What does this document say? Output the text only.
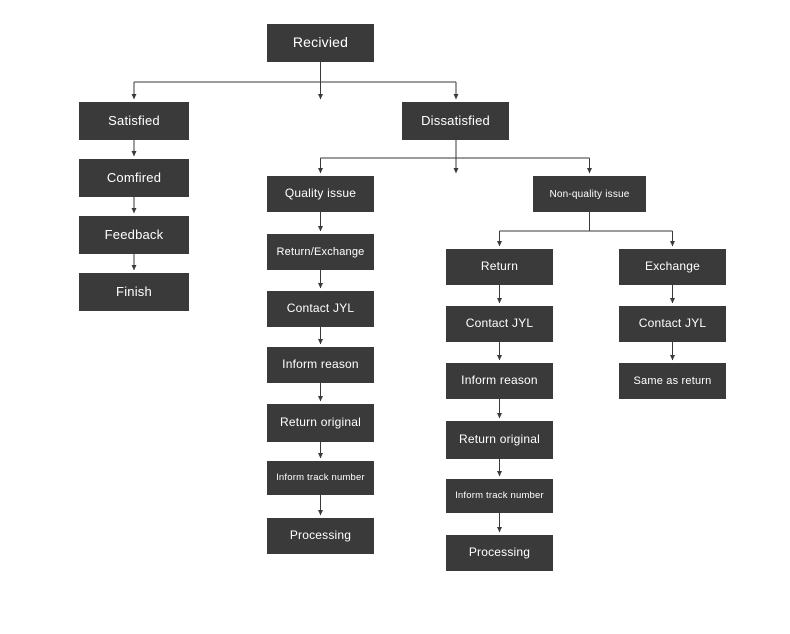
Recivied
Satisfied
Comfired
Feedback
Finish
Dissatisfied
Quality issue	Non-quality issue
Return/Exchange
Contact JYL
Inform reason
Return original
Inform track number
Processing
Return
Contact JYL
Inform reason
Return original
Inform track number
Processing
Exchange
Contact JYL
Same as return
